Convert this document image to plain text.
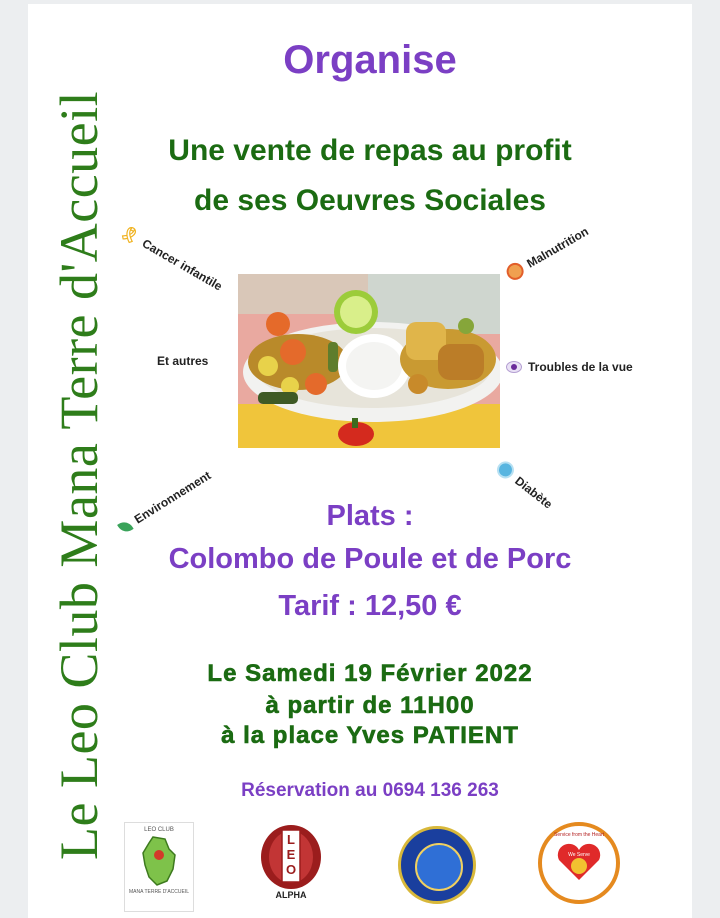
Le Leo Club Mana Terre d'Accueil
Organise
Une vente de repas au profit
de ses Oeuvres Sociales
🎗
Cancer infantile	Malnutrition
Et autres	Troubles de la vue
Environnement	Diabète
Plats :
Colombo de Poule et de Porc
Tarif : 12,50 €
Le Samedi 19 Février 2022
à partir de 11H00
à la place Yves PATIENT
Réservation au 0694 136 263
LEO CLUB
MANA TERRE D'ACCUEIL
LEO
ALPHA
Service from the Heart
We Serve
